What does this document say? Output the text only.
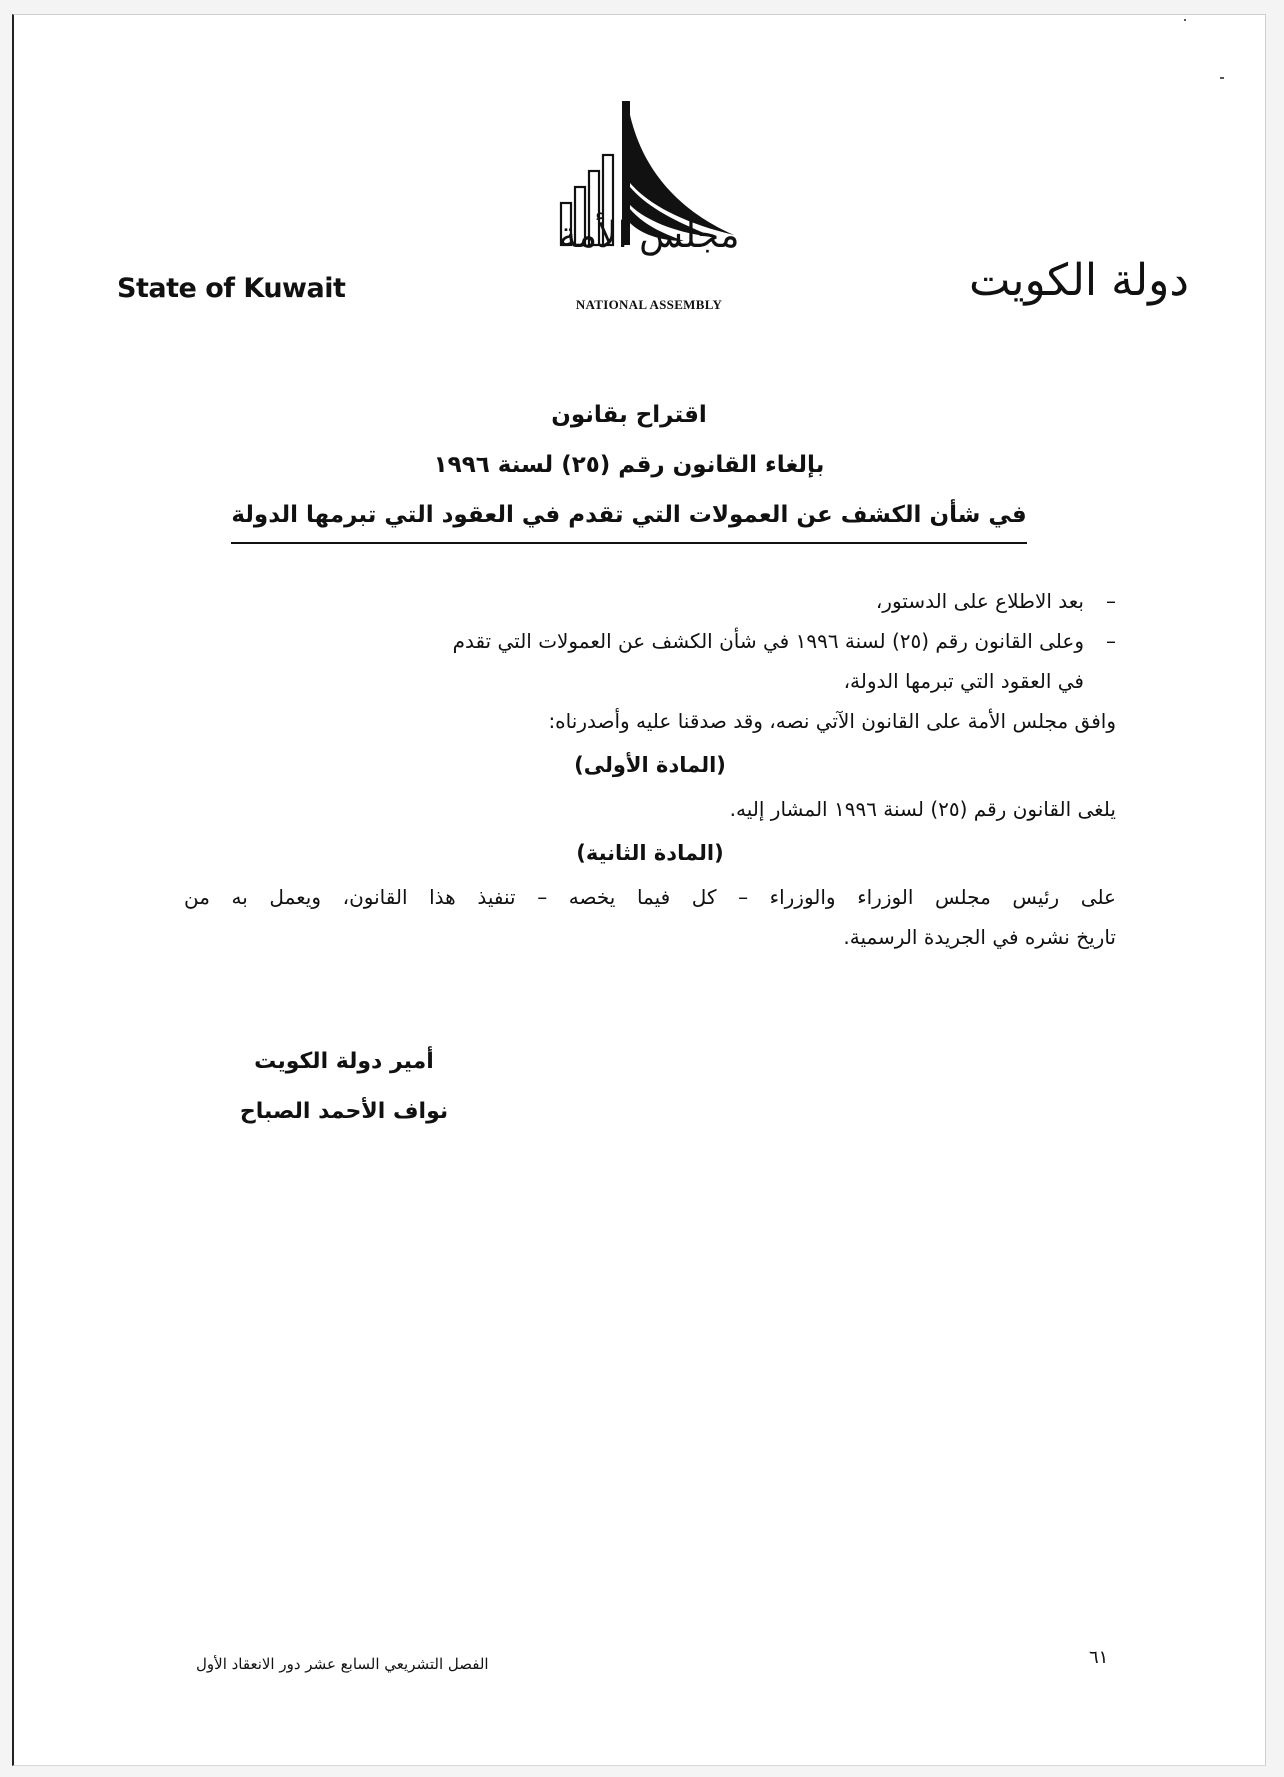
State of Kuwait	دولة الكويت
مجلس الأمة
NATIONAL ASSEMBLY
اقتراح بقانون
بإلغاء القانون رقم (٢٥) لسنة ١٩٩٦
في شأن الكشف عن العمولات التي تقدم في العقود التي تبرمها الدولة
– بعد الاطلاع على الدستور،
– وعلى القانون رقم (٢٥) لسنة ١٩٩٦ في شأن الكشف عن العمولات التي تقدم
في العقود التي تبرمها الدولة،
وافق مجلس الأمة على القانون الآتي نصه، وقد صدقنا عليه وأصدرناه:
(المادة الأولى)
يلغى القانون رقم (٢٥) لسنة ١٩٩٦ المشار إليه.
(المادة الثانية)
على رئيس مجلس الوزراء والوزراء – كل فيما يخصه – تنفيذ هذا القانون، ويعمل به من
تاريخ نشره في الجريدة الرسمية.
أمير دولة الكويت
نواف الأحمد الصباح
الفصل التشريعي السابع عشر دور الانعقاد الأول	٦١
